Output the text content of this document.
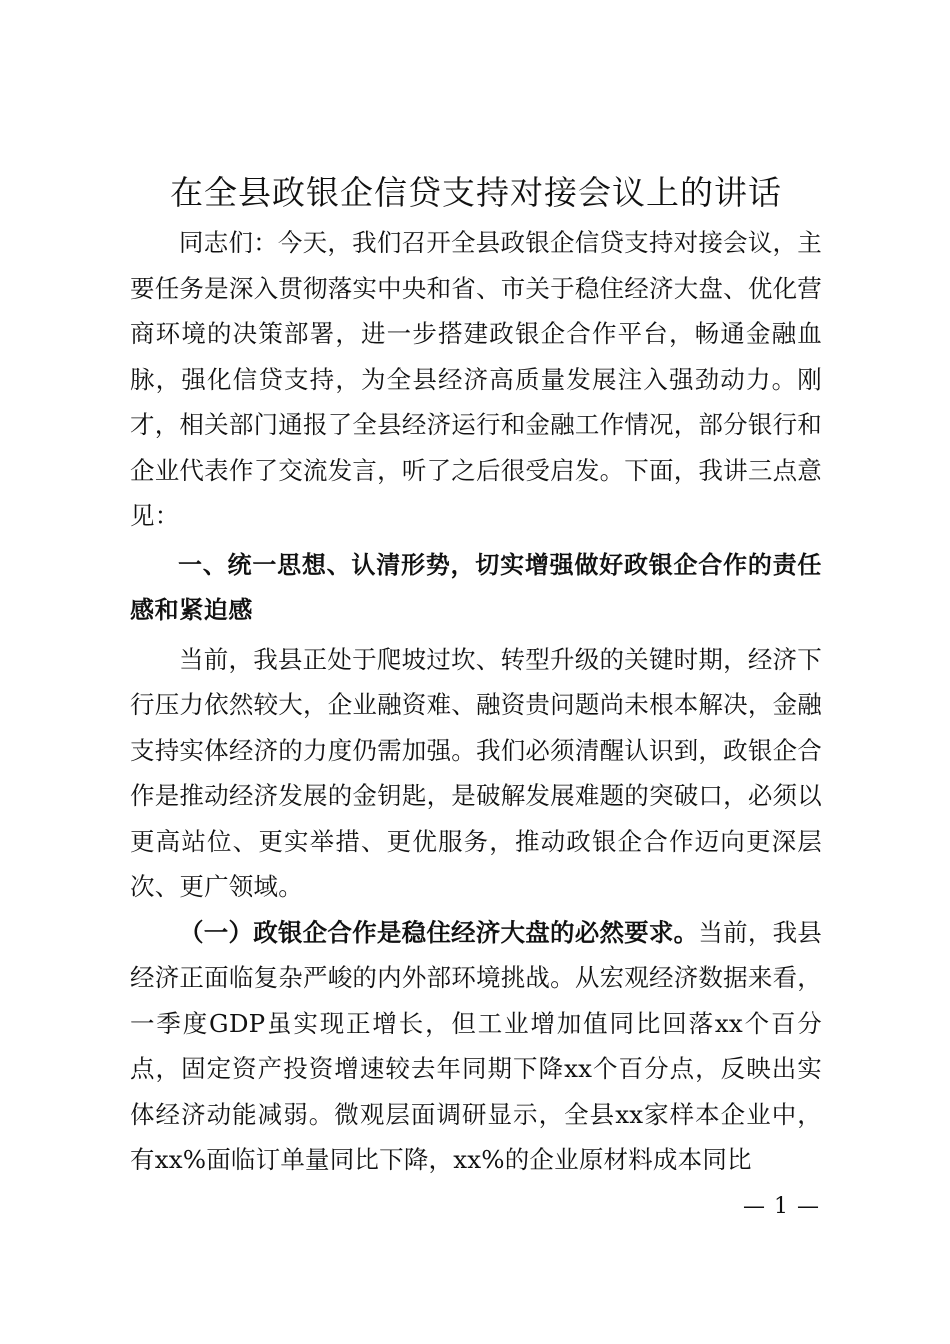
在全县政银企信贷支持对接会议上的讲话

同志们：今天，我们召开全县政银企信贷支持对接会议，主要任务是深入贯彻落实中央和省、市关于稳住经济大盘、优化营商环境的决策部署，进一步搭建政银企合作平台，畅通金融血脉，强化信贷支持，为全县经济高质量发展注入强劲动力。刚才，相关部门通报了全县经济运行和金融工作情况，部分银行和企业代表作了交流发言，听了之后很受启发。下面，我讲三点意见：

一、统一思想、认清形势，切实增强做好政银企合作的责任感和紧迫感

当前，我县正处于爬坡过坎、转型升级的关键时期，经济下行压力依然较大，企业融资难、融资贵问题尚未根本解决，金融支持实体经济的力度仍需加强。我们必须清醒认识到，政银企合作是推动经济发展的金钥匙，是破解发展难题的突破口，必须以更高站位、更实举措、更优服务，推动政银企合作迈向更深层次、更广领域。

（一）政银企合作是稳住经济大盘的必然要求。当前，我县经济正面临复杂严峻的内外部环境挑战。从宏观经济数据来看，一季度GDP虽实现正增长，但工业增加值同比回落xx个百分点，固定资产投资增速较去年同期下降xx个百分点，反映出实体经济动能减弱。微观层面调研显示，全县xx家样本企业中，有xx%面临订单量同比下降，xx%的企业原材料成本同比

— 1 —
